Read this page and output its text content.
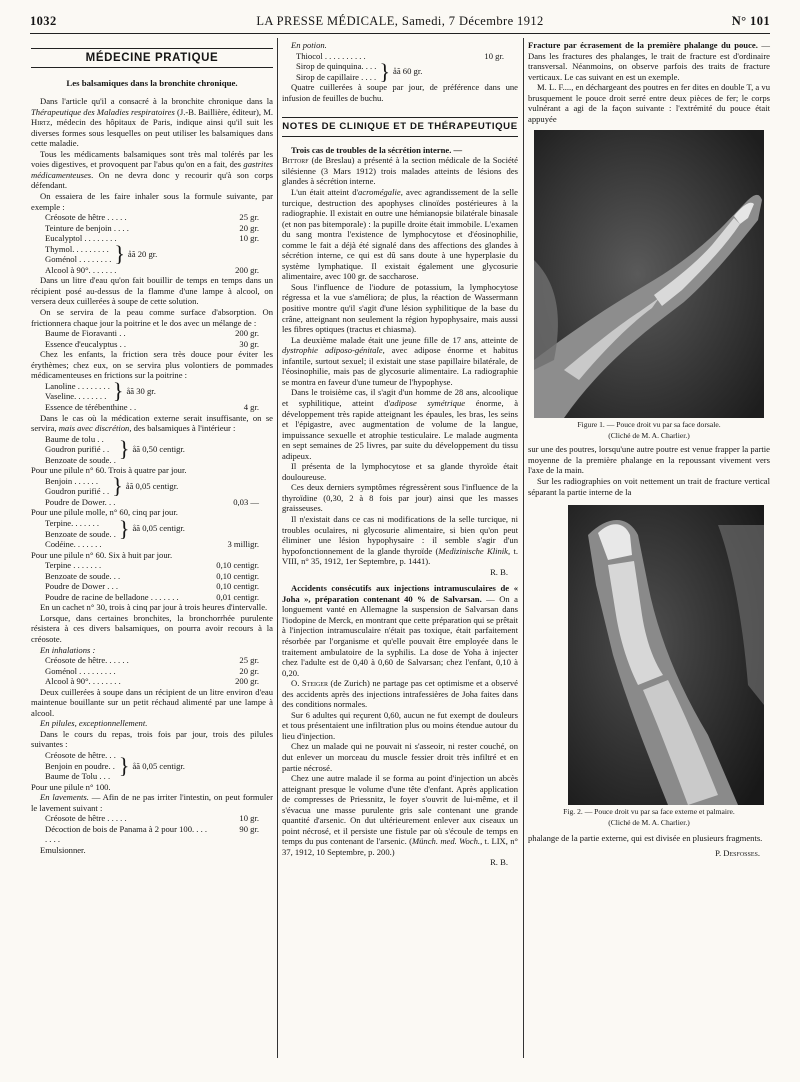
1032	LA PRESSE MÉDICALE, Samedi, 7 Décembre 1912	N° 101
MÉDECINE PRATIQUE
Les balsamiques dans la bronchite chronique.

Dans l'article qu'il a consacré à la bronchite chronique dans la Thérapeutique des Maladies respiratoires (J.-B. Baillière, éditeur), M. Hirtz, médecin des hôpitaux de Paris, indique ainsi qu'il suit les diverses formes sous lesquelles on peut utiliser les balsamiques dans cette maladie.

Tous les médicaments balsamiques sont très mal tolérés par les voies digestives, et provoquent par l'abus qu'on en a fait, des gastrites médicamenteuses. On ne devra donc y recourir qu'à son corps défendant.

On essaiera de les faire inhaler sous la formule suivante, par exemple :

Créosote de hêtre . . . . .	25 gr.
Teinture de benjoin . . . .	20 gr.
Eucalyptol . . . . . . . .	10 gr.
Thymol. . . . . . . . .
Goménol . . . . . . . . } åã 20 gr.
Alcool à 90°. . . . . . .	200 gr.

Dans un litre d'eau qu'on fait bouillir de temps en temps dans un récipient posé au-dessus de la flamme d'une lampe à alcool, on versera deux cuillerées à soupe de cette solution.

On se servira de la peau comme surface d'absorption. On frictionnera chaque jour la poitrine et le dos avec un mélange de :

Baume de Fioravanti . .	200 gr.
Essence d'eucalyptus . .	30 gr.

Chez les enfants, la friction sera très douce pour éviter les érythèmes; chez eux, on se servira plus volontiers de pommades médicamenteuses en frictions sur la poitrine :

Lanoline . . . . . . . .
Vaseline. . . . . . . . } åã 30 gr.
Essence de térébenthine . .	4 gr.

Dans le cas où la médication externe serait insuffisante, on se servira, mais avec discrétion, des balsamiques à l'intérieur :

Baume de tolu . .
Goudron purifié . .
Benzoate de soude. . } åã 0,50 centigr.

Pour une pilule n° 60. Trois à quatre par jour.

Benjoin . . . . . .
Goudron purifié . . } åã 0,05 centigr.
Poudre de Dower. . .	0,03 —

Pour une pilule molle, n° 60, cinq par jour.

Terpine. . . . . . .
Benzoate de soude. . } åã 0,05 centigr.
Codéine. . . . . . .	3 milligr.

Pour une pilule n° 60. Six à huit par jour.

Terpine . . . . . . .	0,10 centigr.
Benzoate de soude. . .	0,10 centigr.
Poudre de Dower . . .	0,10 centigr.
Poudre de racine de belladone . . . . . . .	0,01 centigr.

En un cachet n° 30, trois à cinq par jour à trois heures d'intervalle.

Lorsque, dans certaines bronchites, la bronchorrhée purulente résistera à ces divers balsamiques, on pourra avoir recours à la créosote.

En inhalations :

Créosote de hêtre. . . . . .	25 gr.
Goménol . . . . . . . . .	20 gr.
Alcool à 90°. . . . . . . .	200 gr.

Deux cuillerées à soupe dans un récipient de un litre environ d'eau maintenue bouillante sur un petit réchaud alimenté par une lampe à alcool.

En pilules, exceptionnellement.

Dans le cours du repas, trois fois par jour, trois des pilules suivantes :

Créosote de hêtre. . .
Benjoin en poudre. .
Baume de Tolu . . . } åã 0,05 centigr.

Pour une pilule n° 100.

En lavements. — Afin de ne pas irriter l'intestin, on peut formuler le lavement suivant :

Créosote de hêtre . . . . .	10 gr.
Décoction de bois de Panama à 2 pour 100. . . . . . . .
90 gr.

Emulsionner.

En potion.

Thiocol . . . . . . . . . .	10 gr.
Sirop de quinquina. . . .
Sirop de capillaire . . . . } åã 60 gr.

Quatre cuillerées à soupe par jour, de préférence dans une infusion de feuilles de buchu.

NOTES DE CLINIQUE ET DE THÉRAPEUTIQUE

Trois cas de troubles de la sécrétion interne. —
Bittorf (de Breslau) a présenté à la section médicale de la Société silésienne (3 Mars 1912) trois malades atteints de lésions des glandes à sécrétion interne.

L'un était atteint d'acromégalie, avec agrandissement de la selle turcique, destruction des apophyses clinoïdes postérieures à la radiographie. Il existait en outre une hémianopsie bilatérale binasale (et non pas bitemporale) : la pupille droite était immobile. L'examen du sang montra l'existence de lymphocytose et d'éosinophilie, comme le fait a déjà été signalé dans des affections des glandes à sécrétion interne, ce qui est dû sans doute à une hyperplasie du système lymphatique. Il existait également une glycosurie alimentaire, avec 100 gr. de saccharose.

Sous l'influence de l'iodure de potassium, la lymphocytose régressa et la vue s'améliora; de plus, la réaction de Wassermann positive montre qu'il s'agit d'une lésion syphilitique de la base du crâne, atteignant non seulement la région hypophysaire, mais aussi les fibres optiques (tractus et chiasma).

La deuxième malade était une jeune fille de 17 ans, atteinte de dystrophie adiposo-génitale, avec adipose énorme et habitus infantile, surtout sexuel; il existait une stase papillaire bilatérale, de l'éosinophilie, mais pas de glycosurie alimentaire. La radiographie se montra en faveur d'une tumeur de l'hypophyse.

Dans le troisième cas, il s'agit d'un homme de 28 ans, alcoolique et syphilitique, atteint d'adipose symétrique énorme, à développement très rapide atteignant les épaules, les bras, les seins et l'épigastre, avec augmentation de volume de la langue, impuissance sexuelle et atrophie testiculaire. Le malade augmenta en sept semaines de 25 livres, par suite du développement du tissu adipeux.

Il présenta de la lymphocytose et sa glande thyroïde était douloureuse.

Ces deux derniers symptômes régressèrent sous l'influence de la thyroïdine (0,30, 2 à 8 fois par jour) ainsi que les masses graisseuses.

Il n'existait dans ce cas ni modifications de la selle turcique, ni troubles oculaires, ni glycosurie alimentaire, si bien qu'on peut éliminer une lésion hypophysaire : il semble s'agir d'un hypofonctionnement de la glande thyroïde (Medizinische Klinik, t. VIII, n° 35, 1912, 1er Septembre, p. 1441).

R. B.

Accidents consécutifs aux injections intramusculaires de « Joha », préparation contenant 40 % de Salvarsan. — On a longuement vanté en Allemagne la suspension de Salvarsan dans l'iodopine de Merck, en montrant que cette préparation qui se prêtait à l'injection intramusculaire n'était pas toxique, était parfaitement résorbée par l'organisme et qu'elle pouvait être employée dans le traitement ambulatoire de la syphilis. La dose de Yoha à injecter chez l'adulte est de 0,40 à 0,60 de Salvarsan; chez l'enfant, 0,10 à 0,20.

O. Steiger (de Zurich) ne partage pas cet optimisme et a observé des accidents après des injections intrafessières de Joha faites dans des conditions normales.

Sur 6 adultes qui reçurent 0,60, aucun ne fut exempt de douleurs et tous présentaient une infiltration plus ou moins étendue autour du lieu d'injection.

Chez un malade qui ne pouvait ni s'asseoir, ni rester couché, on dut enlever un morceau du muscle fessier droit très infiltré et en partie nécrosé.

Chez une autre malade il se forma au point d'injection un abcès atteignant presque le volume d'une tête d'enfant. Après application de compresses de Priessnitz, le foyer s'ouvrit de lui-même, et il s'évacua une masse purulente gris sale contenant une grande quantité d'arsenic. On dut ultérieurement enlever aux ciseaux un point nécrosé, et il persiste une fistule par où s'écoule de temps en temps du pus contenant de l'arsenic. (Münch. med. Woch., t. LIX, n° 37, 1912, 10 Septembre, p. 200.)

R. B.

Fracture par écrasement de la première phalange du pouce. — Dans les fractures des phalanges, le trait de fracture est d'ordinaire transversal. Néanmoins, on observe parfois des traits de fracture verticaux. Le cas suivant en est un exemple.

M. L. F...., en déchargeant des poutres en fer dites en double T, a vu brusquement le pouce droit serré entre deux pièces de fer; le corps vulnérant a agi de la façon suivante : l'extrémité du pouce était appuyée

Figure 1. — Pouce droit vu par sa face dorsale.
(Cliché de M. A. Charlier.)

sur une des poutres, lorsqu'une autre poutre est venue frapper la partie moyenne de la première phalange en la repoussant vivement vers l'axe de la main.

Sur les radiographies on voit nettement un trait de fracture vertical séparant la partie interne de la

Fig. 2. — Pouce droit vu par sa face externe et palmaire.
(Cliché de M. A. Charlier.)

phalange de la partie externe, qui est divisée en plusieurs fragments.

P. Desfosses.
